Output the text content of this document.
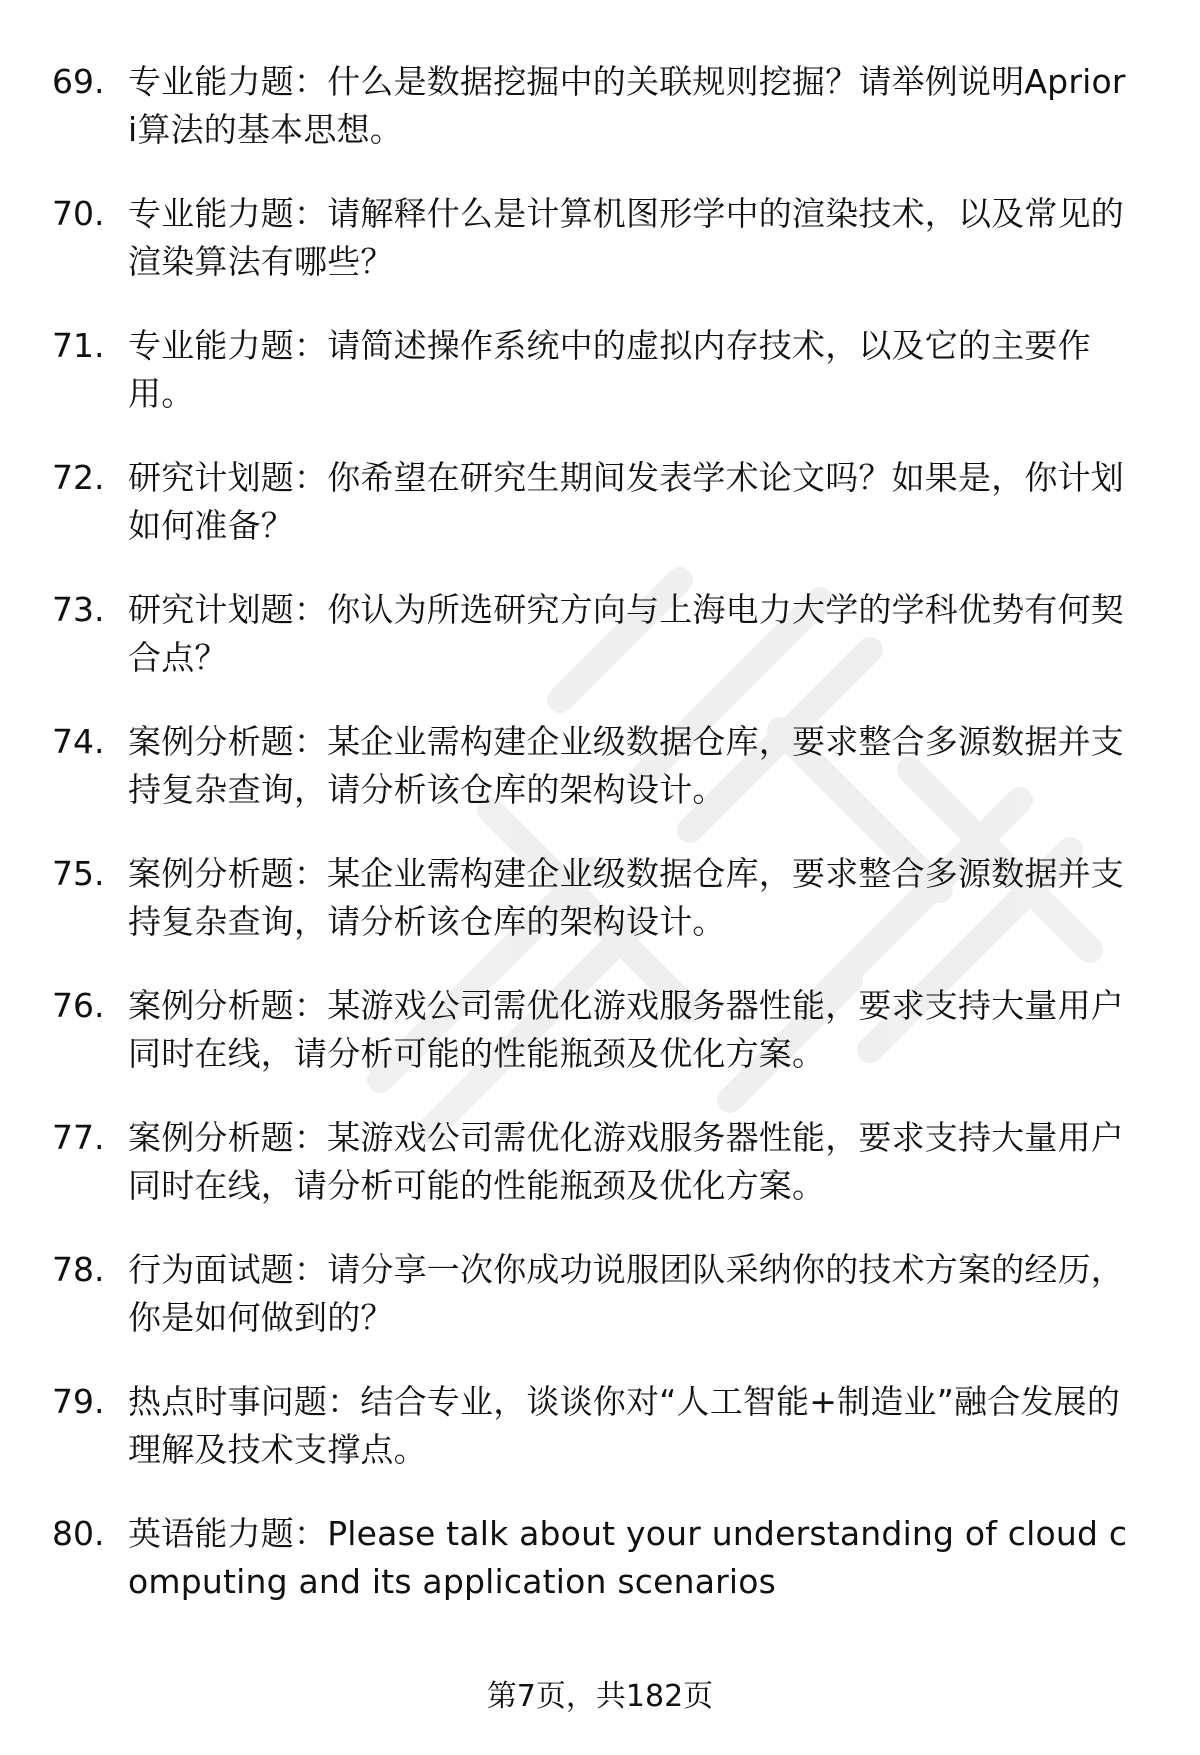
69. 专业能力题：什么是数据挖掘中的关联规则挖掘？请举例说明Apriori算法的基本思想。
70. 专业能力题：请解释什么是计算机图形学中的渲染技术，以及常见的渲染算法有哪些？
71. 专业能力题：请简述操作系统中的虚拟内存技术，以及它的主要作用。
72. 研究计划题：你希望在研究生期间发表学术论文吗？如果是，你计划如何准备？
73. 研究计划题：你认为所选研究方向与上海电力大学的学科优势有何契合点？
74. 案例分析题：某企业需构建企业级数据仓库，要求整合多源数据并支持复杂查询，请分析该仓库的架构设计。
75. 案例分析题：某企业需构建企业级数据仓库，要求整合多源数据并支持复杂查询，请分析该仓库的架构设计。
76. 案例分析题：某游戏公司需优化游戏服务器性能，要求支持大量用户同时在线，请分析可能的性能瓶颈及优化方案。
77. 案例分析题：某游戏公司需优化游戏服务器性能，要求支持大量用户同时在线，请分析可能的性能瓶颈及优化方案。
78. 行为面试题：请分享一次你成功说服团队采纳你的技术方案的经历，你是如何做到的？
79. 热点时事问题：结合专业，谈谈你对“人工智能+制造业”融合发展的理解及技术支撑点。
80. 英语能力题：Please talk about your understanding of cloud computing and its application scenarios
第7页，共182页
